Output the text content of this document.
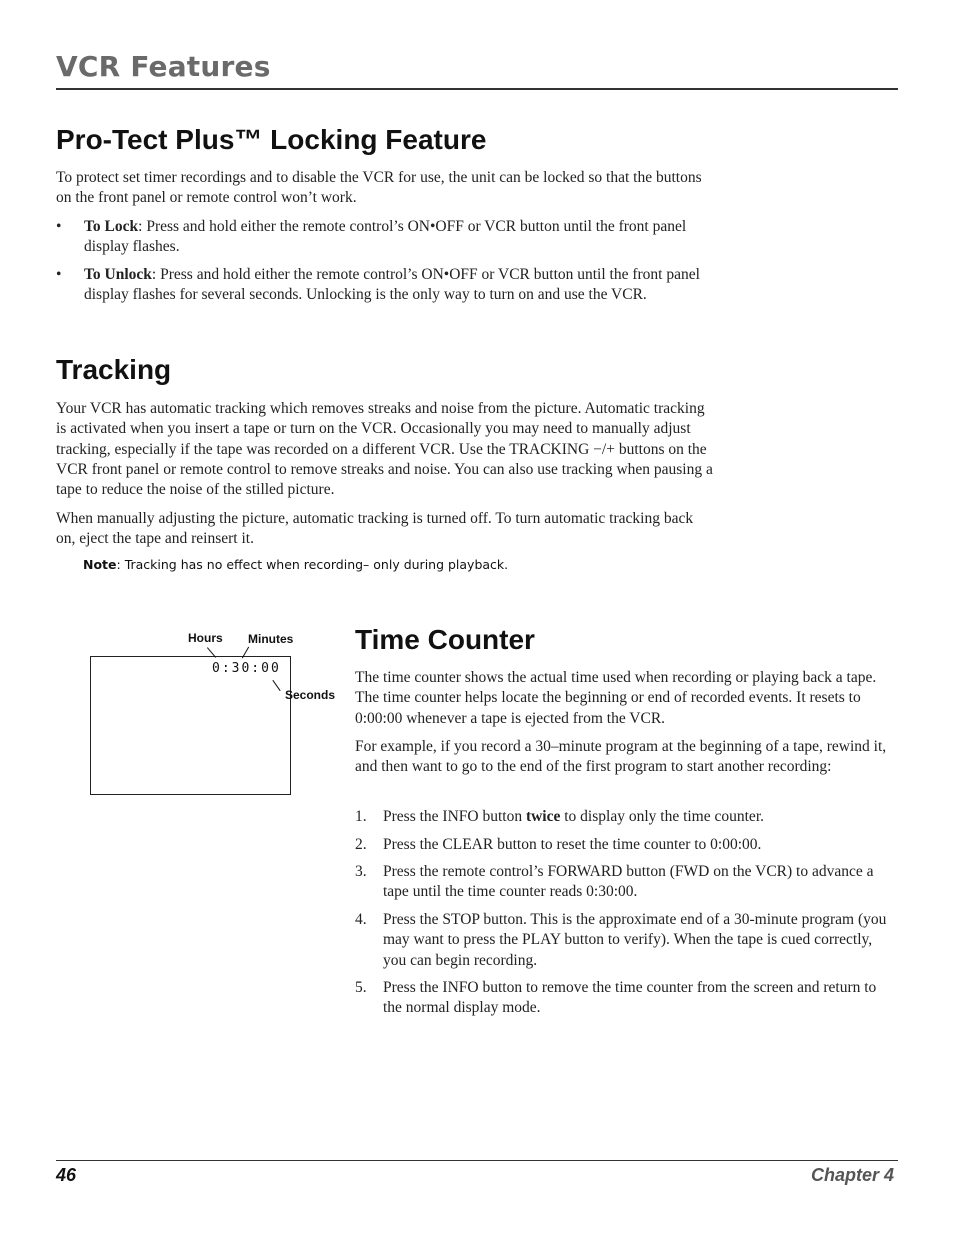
VCR Features
Pro-Tect Plus™ Locking Feature

To protect set timer recordings and to disable the VCR for use, the unit can be locked so that the buttons on the front panel or remote control won’t work.

• To Lock: Press and hold either the remote control’s ON•OFF or VCR button until the front panel display flashes.
• To Unlock: Press and hold either the remote control’s ON•OFF or VCR button until the front panel display flashes for several seconds. Unlocking is the only way to turn on and use the VCR.
Tracking

Your VCR has automatic tracking which removes streaks and noise from the picture. Automatic tracking is activated when you insert a tape or turn on the VCR. Occasionally you may need to manually adjust tracking, especially if the tape was recorded on a different VCR. Use the TRACKING −/+ buttons on the VCR front panel or remote control to remove streaks and noise. You can also use tracking when pausing a tape to reduce the noise of the stilled picture.

When manually adjusting the picture, automatic tracking is turned off. To turn automatic tracking back on, eject the tape and reinsert it.

Note: Tracking has no effect when recording– only during playback.
Hours Minutes
Seconds
0:30:00
Time Counter

The time counter shows the actual time used when recording or playing back a tape. The time counter helps locate the beginning or end of recorded events. It resets to 0:00:00 whenever a tape is ejected from the VCR.

For example, if you record a 30–minute program at the beginning of a tape, rewind it, and then want to go to the end of the first program to start another recording:

1. Press the INFO button twice to display only the time counter.
2. Press the CLEAR button to reset the time counter to 0:00:00.
3. Press the remote control’s FORWARD button (FWD on the VCR) to advance a tape until the time counter reads 0:30:00.
4. Press the STOP button. This is the approximate end of a 30-minute program (you may want to press the PLAY button to verify). When the tape is cued correctly, you can begin recording.
5. Press the INFO button to remove the time counter from the screen and return to the normal display mode.
46	Chapter 4
